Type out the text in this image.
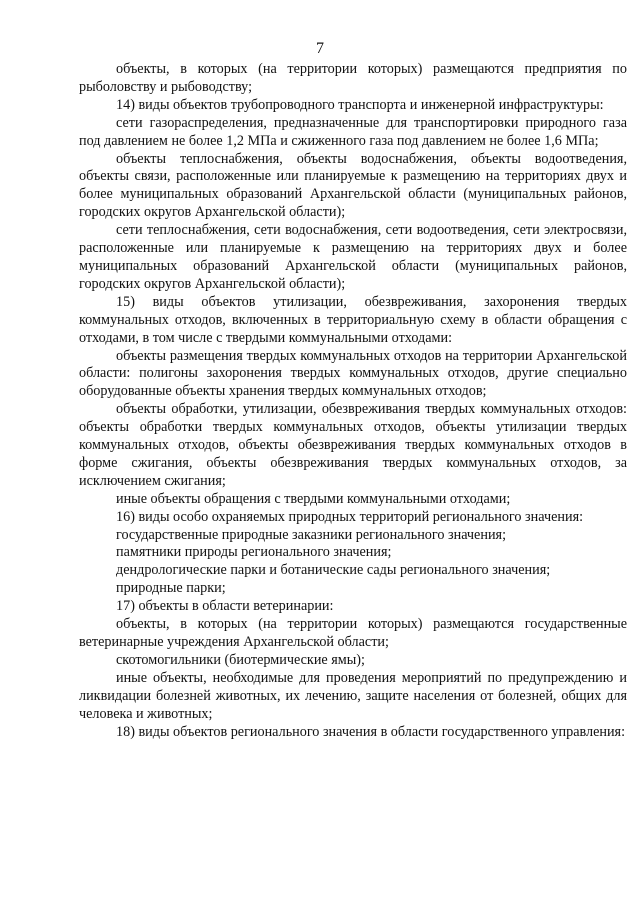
7

объекты, в которых (на территории которых) размещаются предприятия по рыболовству и рыбоводству;

14) виды объектов трубопроводного транспорта и инженерной инфраструктуры:

сети газораспределения, предназначенные для транспортировки природного газа под давлением не более 1,2 МПа и сжиженного газа под давлением не более 1,6 МПа;

объекты теплоснабжения, объекты водоснабжения, объекты водоотведения, объекты связи, расположенные или планируемые к размещению на территориях двух и более муниципальных образований Архангельской области (муниципальных районов, городских округов Архангельской области);

сети теплоснабжения, сети водоснабжения, сети водоотведения, сети электросвязи, расположенные или планируемые к размещению на территориях двух и более муниципальных образований Архангельской области (муниципальных районов, городских округов Архангельской области);

15) виды объектов утилизации, обезвреживания, захоронения твердых коммунальных отходов, включенных в территориальную схему в области обращения с отходами, в том числе с твердыми коммунальными отходами:

объекты размещения твердых коммунальных отходов на территории Архангельской области: полигоны захоронения твердых коммунальных отходов, другие специально оборудованные объекты хранения твердых коммунальных отходов;

объекты обработки, утилизации, обезвреживания твердых коммунальных отходов: объекты обработки твердых коммунальных отходов, объекты утилизации твердых коммунальных отходов, объекты обезвреживания твердых коммунальных отходов в форме сжигания, объекты обезвреживания твердых коммунальных отходов, за исключением сжигания;

иные объекты обращения с твердыми коммунальными отходами;

16) виды особо охраняемых природных территорий регионального значения:

государственные природные заказники регионального значения;

памятники природы регионального значения;

дендрологические парки и ботанические сады регионального значения;

природные парки;

17) объекты в области ветеринарии:

объекты, в которых (на территории которых) размещаются государственные ветеринарные учреждения Архангельской области;

скотомогильники (биотермические ямы);

иные объекты, необходимые для проведения мероприятий по предупреждению и ликвидации болезней животных, их лечению, защите населения от болезней, общих для человека и животных;

18) виды объектов регионального значения в области государственного управления:
